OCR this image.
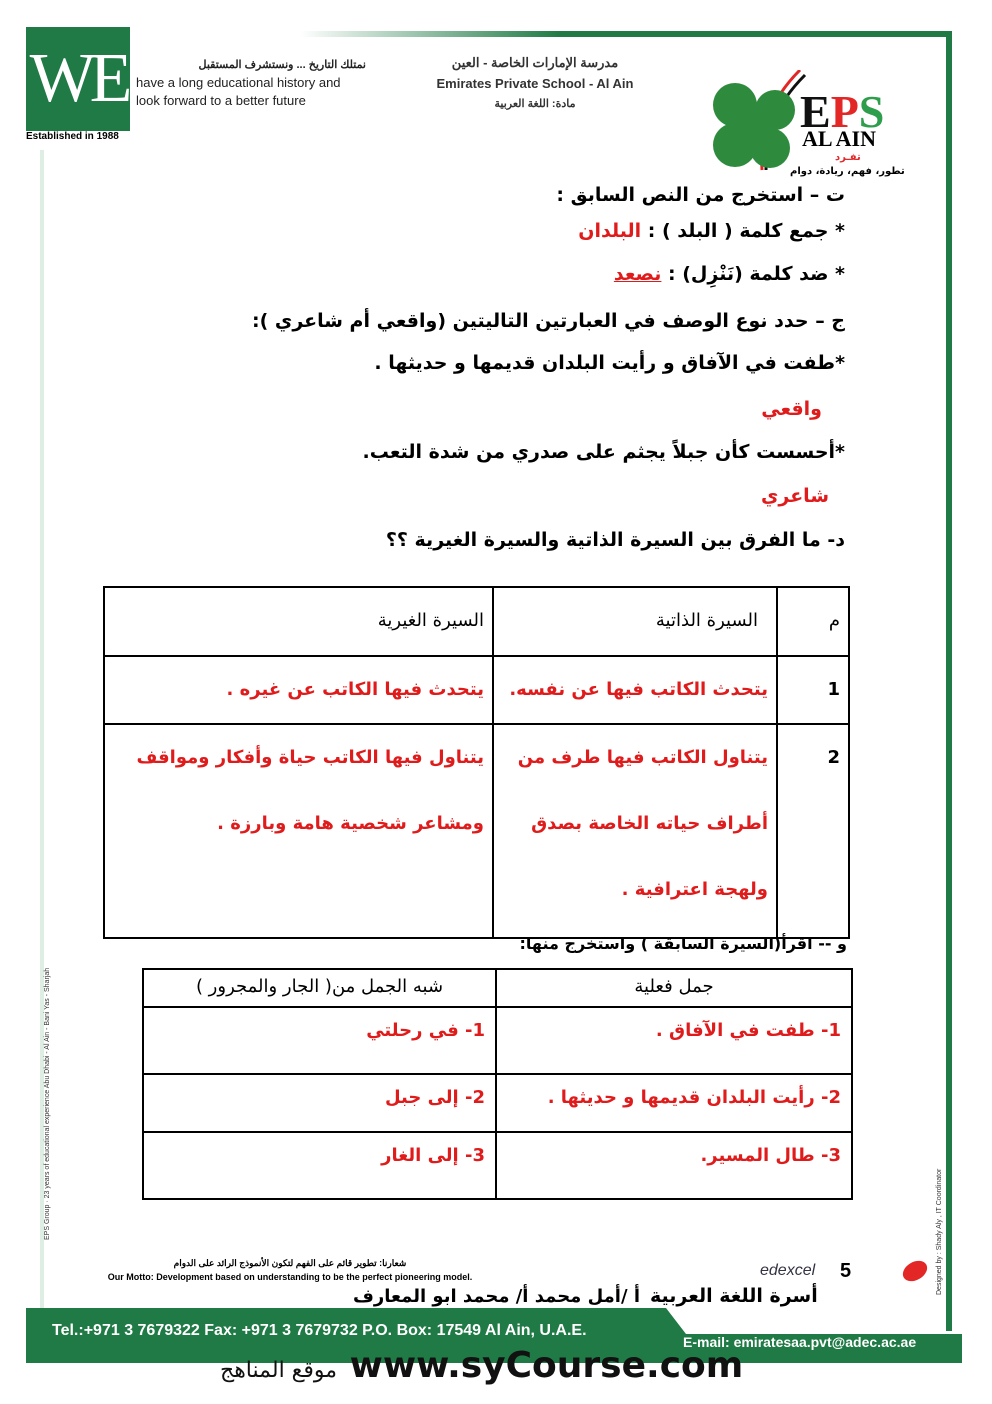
WE
Established in 1988
نمتلك التاريخ ... ونستشرف المستقبل
have a long educational history and
look forward to a better future
مدرسة الإمارات الخاصة - العين
Emirates Private School - Al Ain
مادة: اللغة العربية	EPS
AL AIN
تفـرد
تطور، فهم، ريادة، دوام
ت – استخرج من النص السابق :
* جمع كلمة ( البلد ) : البلدان
* ضد كلمة (نَنْزِل) : نصعد
ج – حدد نوع الوصف في العبارتين التاليتين (واقعي أم شاعري ):
*طفت في الآفاق و رأيت البلدان قديمها و حديثها .
واقعي
*أحسست كأن جبلاً يجثم على صدري من شدة التعب.
شاعري
د- ما الفرق بين السيرة الذاتية والسيرة الغيرية ؟؟
م	السيرة الذاتية	السيرة الغيرية
1	يتحدث الكاتب فيها عن نفسه.	يتحدث فيها الكاتب عن غيره .
2	يتناول الكاتب فيها طرف من أطراف حياته الخاصة بصدق ولهجة اعترافية .	يتناول فيها الكاتب حياة وأفكار ومواقف ومشاعر شخصية هامة وبارزة .
و -- اقرأ(السيرة السابقة ) واستخرج منها:
جمل فعلية	شبه الجمل من( الجار والمجرور )
1- طفت في الآفاق .	1- في رحلتي
2- رأيت البلدان قديمها و حديثها .	2- إلى جبل
3- طال المسير.	3- إلى الغار
EPS Group · 23 years of educational experience Abu Dhabi - Al Ain - Bani Yas - Sharjah	Designed by : Shady Aly , IT Coordinator
شعارنا: تطوير قائم على الفهم لتكون الأنموذج الرائد على الدوام
Our Motto: Development based on understanding to be the perfect pioneering model.
أ /أمل محمد أ/ محمد ابو المعارف أسرة اللغة العربية
5
edexcel
Tel.:+971 3 7679322 Fax: +971 3 7679732 P.O. Box: 17549 Al Ain, U.A.E.
E-mail: emiratesaa.pvt@adec.ac.ae
موقع المناهج www.syCourse.com
